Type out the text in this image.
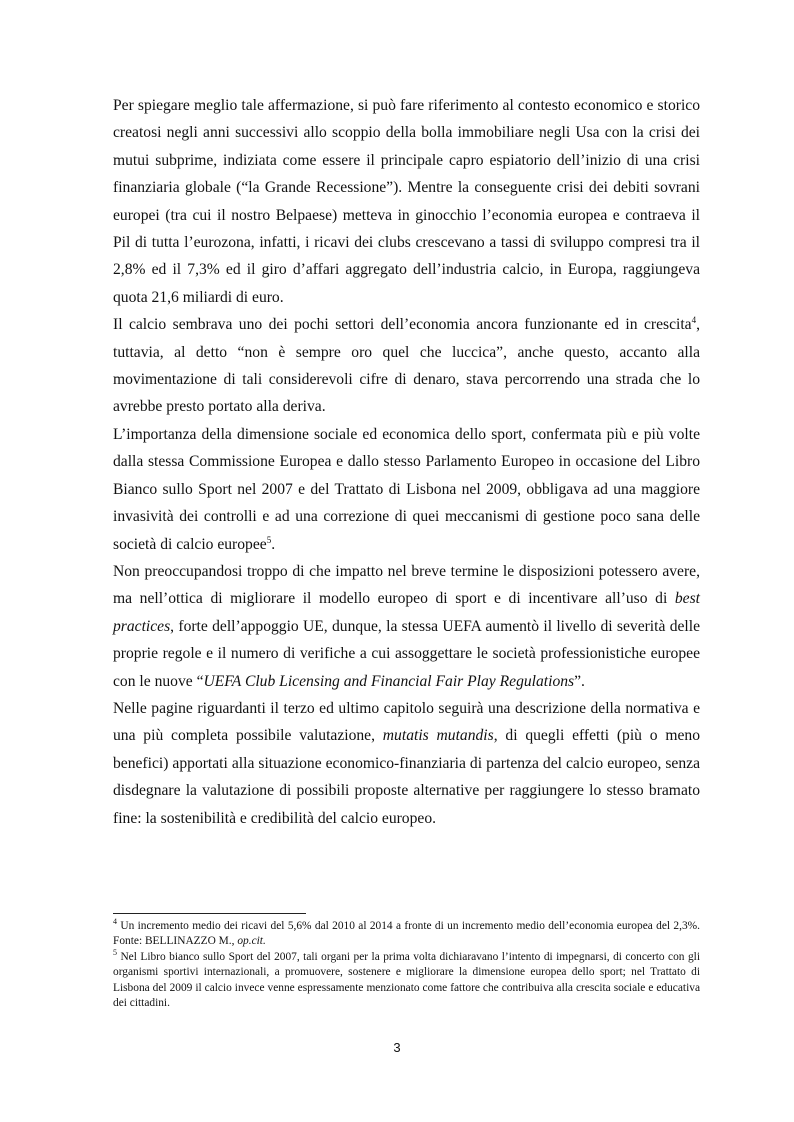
Per spiegare meglio tale affermazione, si può fare riferimento al contesto economico e storico creatosi negli anni successivi allo scoppio della bolla immobiliare negli Usa con la crisi dei mutui subprime, indiziata come essere il principale capro espiatorio dell’inizio di una crisi finanziaria globale (“la Grande Recessione”). Mentre la conseguente crisi dei debiti sovrani europei (tra cui il nostro Belpaese) metteva in ginocchio l’economia europea e contraeva il Pil di tutta l’eurozona, infatti, i ricavi dei clubs crescevano a tassi di sviluppo compresi tra il 2,8% ed il 7,3% ed il giro d’affari aggregato dell’industria calcio, in Europa, raggiungeva quota 21,6 miliardi di euro.

Il calcio sembrava uno dei pochi settori dell’economia ancora funzionante ed in crescita$^4$, tuttavia, al detto “non è sempre oro quel che luccica”, anche questo, accanto alla movimentazione di tali considerevoli cifre di denaro, stava percorrendo una strada che lo avrebbe presto portato alla deriva.

L’importanza della dimensione sociale ed economica dello sport, confermata più e più volte dalla stessa Commissione Europea e dallo stesso Parlamento Europeo in occasione del Libro Bianco sullo Sport nel 2007 e del Trattato di Lisbona nel 2009, obbligava ad una maggiore invasività dei controlli e ad una correzione di quei meccanismi di gestione poco sana delle società di calcio europee$^5$.

Non preoccupandosi troppo di che impatto nel breve termine le disposizioni potessero avere, ma nell’ottica di migliorare il modello europeo di sport e di incentivare all’uso di best practices, forte dell’appoggio UE, dunque, la stessa UEFA aumentò il livello di severità delle proprie regole e il numero di verifiche a cui assoggettare le società professionistiche europee con le nuove “UEFA Club Licensing and Financial Fair Play Regulations”.

Nelle pagine riguardanti il terzo ed ultimo capitolo seguirà una descrizione della normativa e una più completa possibile valutazione, mutatis mutandis, di quegli effetti (più o meno benefici) apportati alla situazione economico-finanziaria di partenza del calcio europeo, senza disdegnare la valutazione di possibili proposte alternative per raggiungere lo stesso bramato fine: la sostenibilità e credibilità del calcio europeo.

$^4$ Un incremento medio dei ricavi del 5,6% dal 2010 al 2014 a fronte di un incremento medio dell’economia europea del 2,3%. Fonte: BELLINAZZO M., op.cit.

$^5$ Nel Libro bianco sullo Sport del 2007, tali organi per la prima volta dichiaravano l’intento di impegnarsi, di concerto con gli organismi sportivi internazionali, a promuovere, sostenere e migliorare la dimensione europea dello sport; nel Trattato di Lisbona del 2009 il calcio invece venne espressamente menzionato come fattore che contribuiva alla crescita sociale e educativa dei cittadini.

3
